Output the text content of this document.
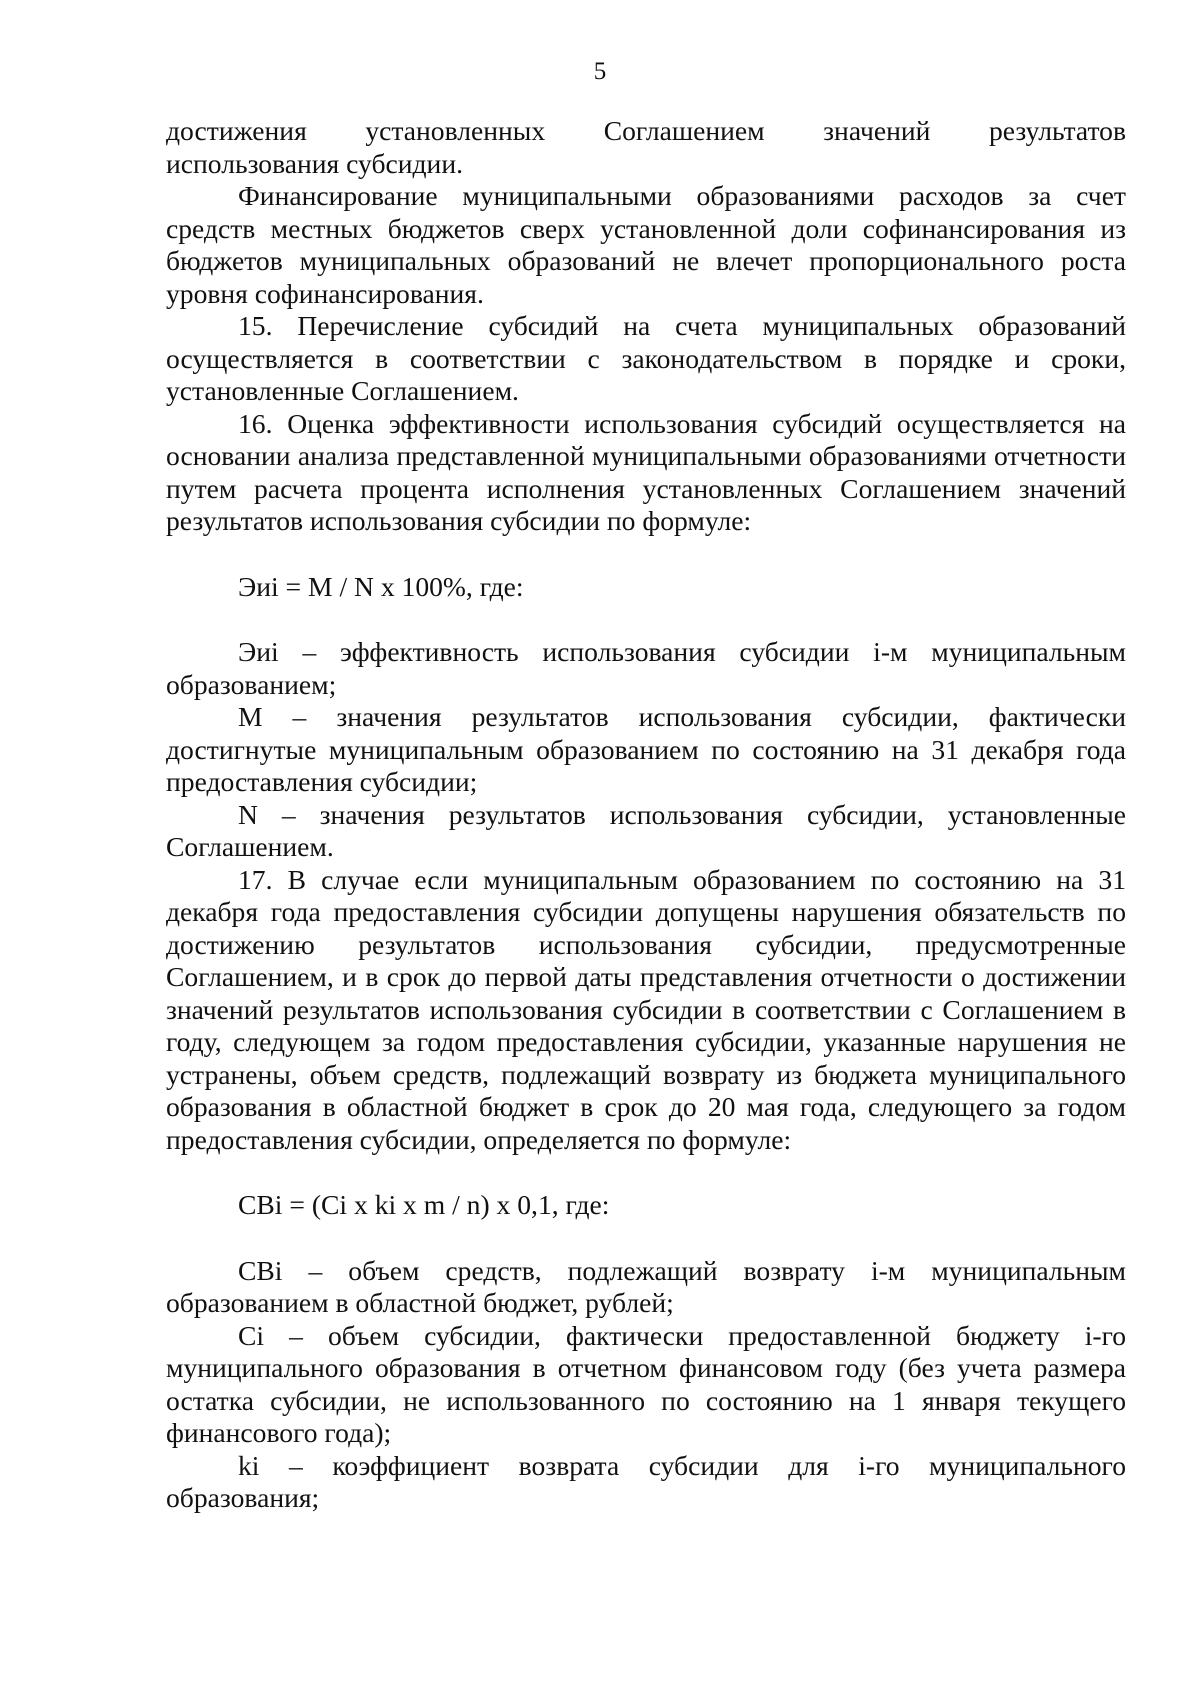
5

достижения установленных Соглашением значений результатов

использования субсидии.

Финансирование муниципальными образованиями расходов за счет средств местных бюджетов сверх установленной доли софинансирования из бюджетов муниципальных образований не влечет пропорционального роста уровня софинансирования.

15. Перечисление субсидий на счета муниципальных образований осуществляется в соответствии с законодательством в порядке и сроки, установленные Соглашением.

16. Оценка эффективности использования субсидий осуществляется на основании анализа представленной муниципальными образованиями отчетности путем расчета процента исполнения установленных Соглашением значений результатов использования субсидии по формуле:

Эиi = M / N x 100%, где:

Эиi – эффективность использования субсидии i-м муниципальным образованием;

M – значения результатов использования субсидии, фактически достигнутые муниципальным образованием по состоянию на 31 декабря года предоставления субсидии;

N – значения результатов использования субсидии, установленные Соглашением.

17. В случае если муниципальным образованием по состоянию на 31 декабря года предоставления субсидии допущены нарушения обязательств по достижению результатов использования субсидии, предусмотренные Соглашением, и в срок до первой даты представления отчетности о достижении значений результатов использования субсидии в соответствии с Соглашением в году, следующем за годом предоставления субсидии, указанные нарушения не устранены, объем средств, подлежащий возврату из бюджета муниципального образования в областной бюджет в срок до 20 мая года, следующего за годом предоставления субсидии, определяется по формуле:

CBi = (Ci x ki x m / n) x 0,1, где:

CBi – объем средств, подлежащий возврату i-м муниципальным образованием в областной бюджет, рублей;

Ci – объем субсидии, фактически предоставленной бюджету i-го муниципального образования в отчетном финансовом году (без учета размера остатка субсидии, не использованного по состоянию на 1 января текущего финансового года);

ki – коэффициент возврата субсидии для i-го муниципального образования;
